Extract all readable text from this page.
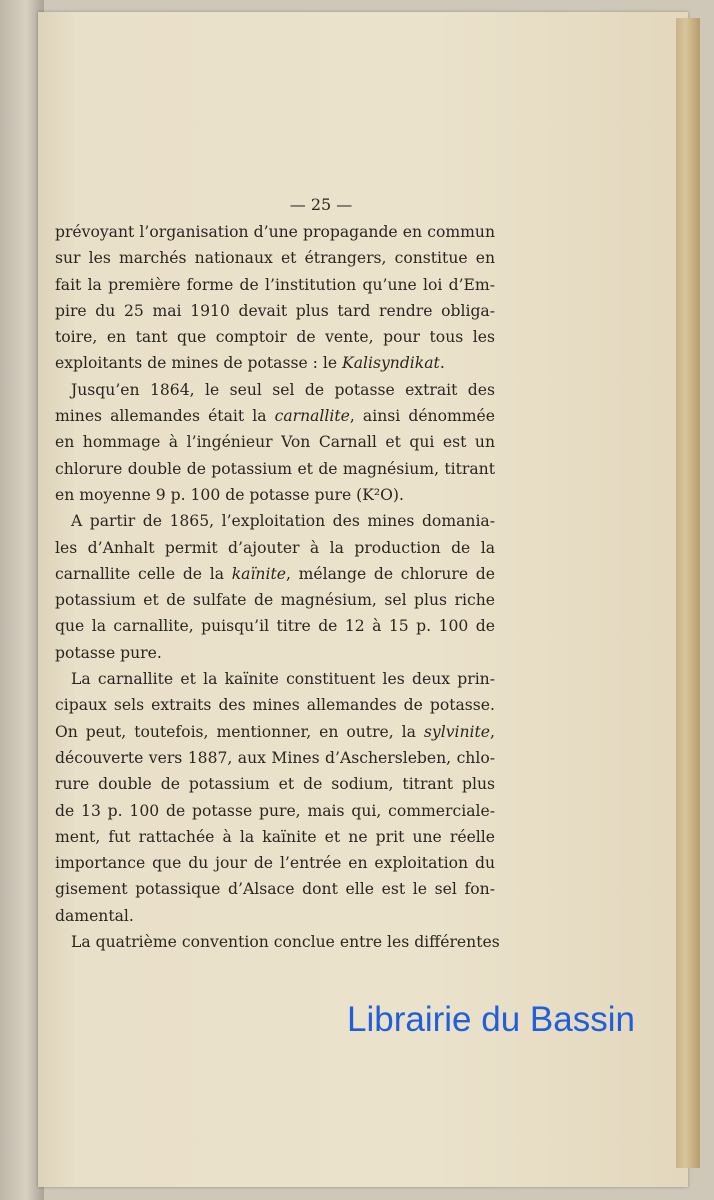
— 25 —
prévoyant l’organisation d’une propagande en commun
sur les marchés nationaux et étrangers, constitue en
fait la première forme de l’institution qu’une loi d’Em-
pire du 25 mai 1910 devait plus tard rendre obliga-
toire, en tant que comptoir de vente, pour tous les
exploitants de mines de potasse : le Kalisyndikat.
Jusqu’en 1864, le seul sel de potasse extrait des
mines allemandes était la carnallite, ainsi dénommée
en hommage à l’ingénieur Von Carnall et qui est un
chlorure double de potassium et de magnésium, titrant
en moyenne 9 p. 100 de potasse pure (K²O).
A partir de 1865, l’exploitation des mines domania-
les d’Anhalt permit d’ajouter à la production de la
carnallite celle de la kaïnite, mélange de chlorure de
potassium et de sulfate de magnésium, sel plus riche
que la carnallite, puisqu’il titre de 12 à 15 p. 100 de
potasse pure.
La carnallite et la kaïnite constituent les deux prin-
cipaux sels extraits des mines allemandes de potasse.
On peut, toutefois, mentionner, en outre, la sylvinite,
découverte vers 1887, aux Mines d’Aschersleben, chlo-
rure double de potassium et de sodium, titrant plus
de 13 p. 100 de potasse pure, mais qui, commerciale-
ment, fut rattachée à la kaïnite et ne prit une réelle
importance que du jour de l’entrée en exploitation du
gisement potassique d’Alsace dont elle est le sel fon-
damental.
La quatrième convention conclue entre les différentes
Librairie du Bassin
